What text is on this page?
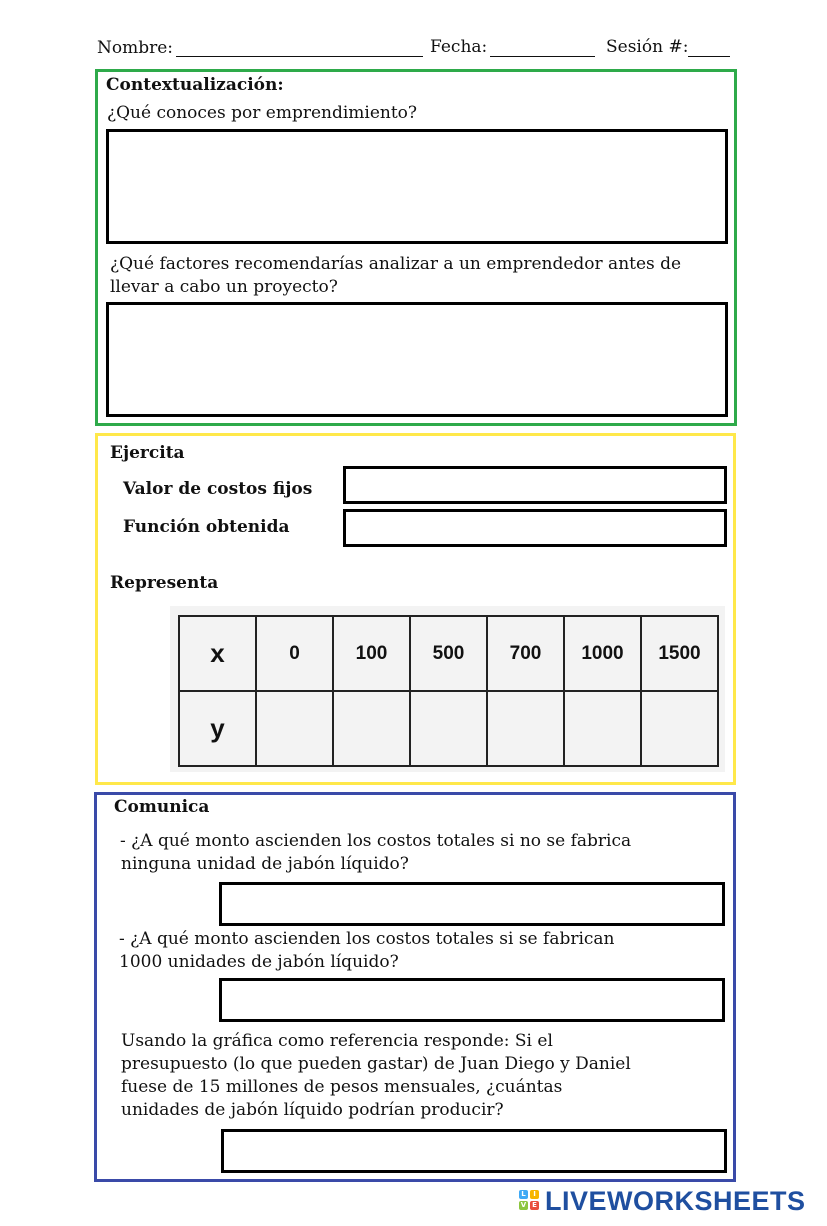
Nombre:	Fecha:	Sesión #:
Contextualización:
¿Qué conoces por emprendimiento?
¿Qué factores recomendarías analizar a un emprendedor antes de
llevar a cabo un proyecto?
Ejercita
Valor de costos fijos
Función obtenida
Representa
x	0	100	500	700	1000	1500
y						
Comunica
- ¿A qué monto ascienden los costos totales si no se fabrica
ninguna unidad de jabón líquido?
- ¿A qué monto ascienden los costos totales si se fabrican
1000 unidades de jabón líquido?
Usando la gráfica como referencia responde: Si el
presupuesto (lo que pueden gastar) de Juan Diego y Daniel
fuese de 15 millones de pesos mensuales, ¿cuántas
unidades de jabón líquido podrían producir?
L	I
V E LIVEWORKSHEETS
